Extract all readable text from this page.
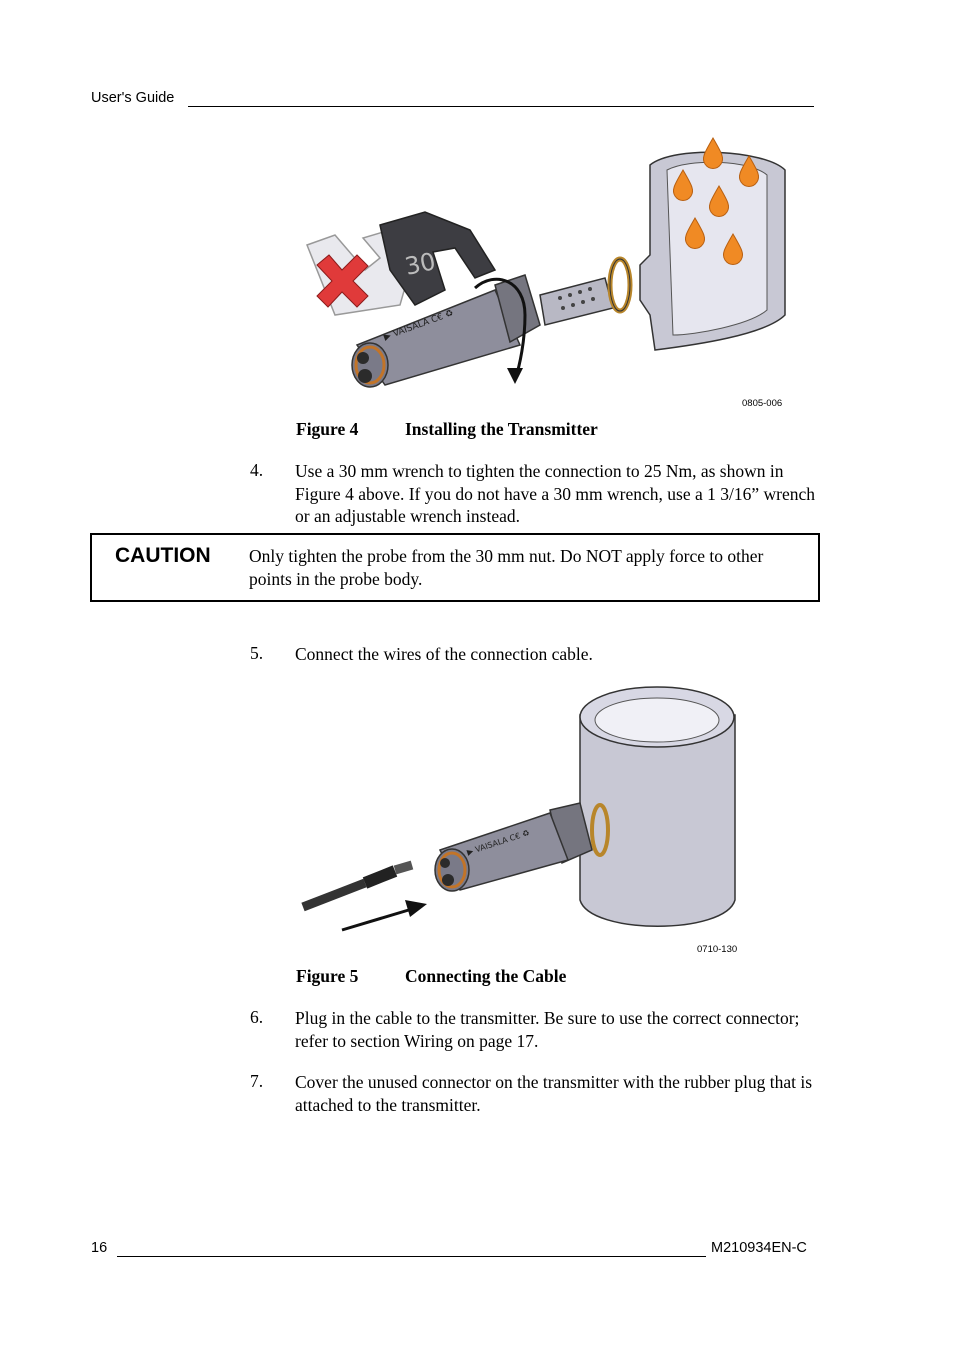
User's Guide
30
▶ VAISALA C€ ♻
0805-006
Figure 4	Installing the Transmitter
4. Use a 30 mm wrench to tighten the connection to 25 Nm, as shown in Figure 4 above. If you do not have a 30 mm wrench, use a 1 3/16” wrench or an adjustable wrench instead.
CAUTION Only tighten the probe from the 30 mm nut. Do NOT apply force to other points in the probe body.
5. Connect the wires of the connection cable.
▶ VAISALA C€ ♻
0710-130
Figure 5	Connecting the Cable
6. Plug in the cable to the transmitter. Be sure to use the correct connector; refer to section Wiring on page 17.
7. Cover the unused connector on the transmitter with the rubber plug that is attached to the transmitter.
16	M210934EN-C
